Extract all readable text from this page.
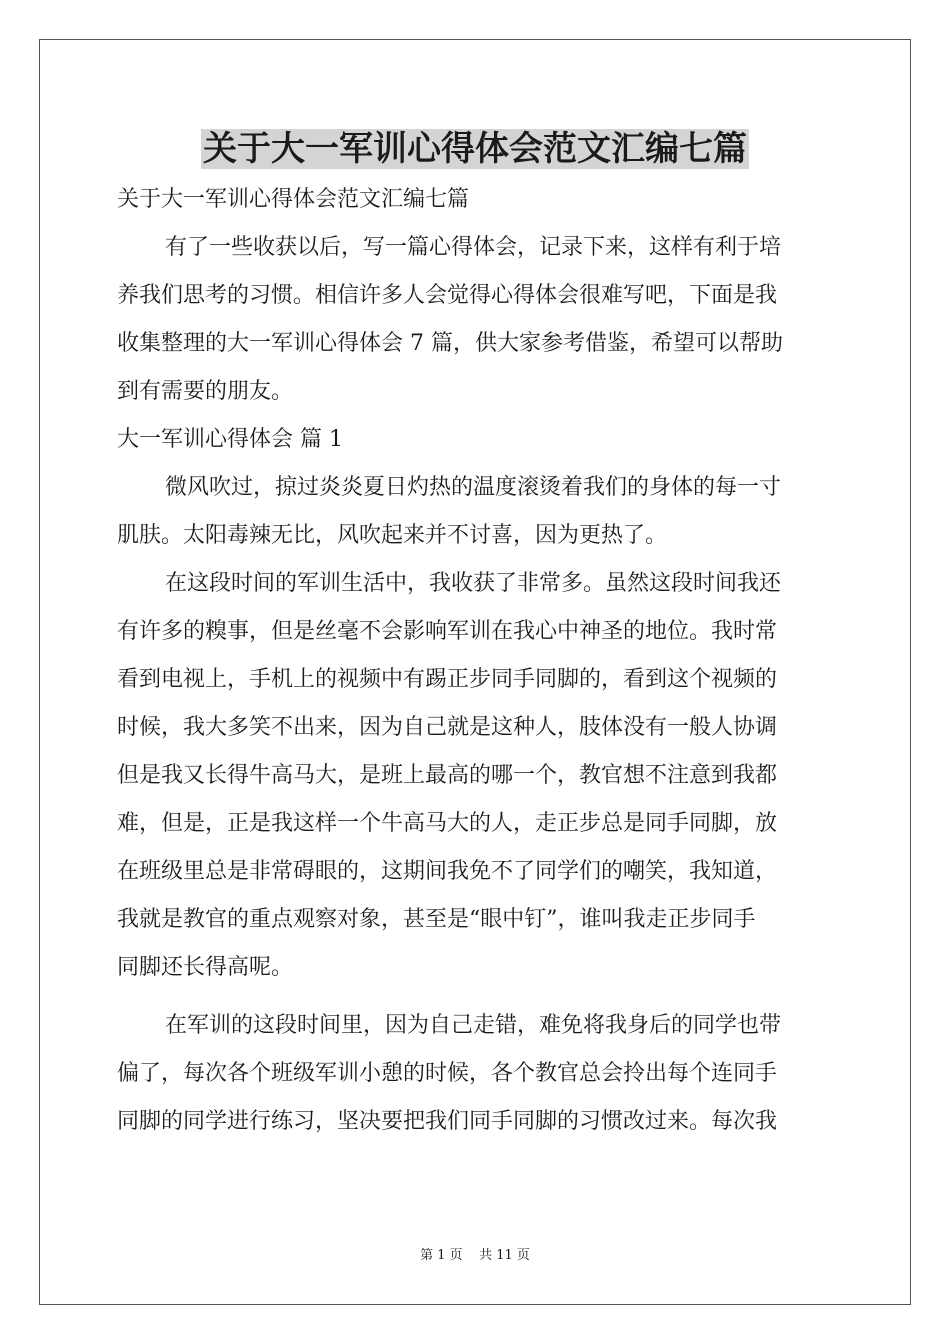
关于大一军训心得体会范文汇编七篇

关于大一军训心得体会范文汇编七篇

有了一些收获以后，写一篇心得体会，记录下来，这样有利于培

养我们思考的习惯。相信许多人会觉得心得体会很难写吧，下面是我

收集整理的大一军训心得体会 7 篇，供大家参考借鉴，希望可以帮助

到有需要的朋友。

大一军训心得体会 篇 1

微风吹过，掠过炎炎夏日灼热的温度滚烫着我们的身体的每一寸

肌肤。太阳毒辣无比，风吹起来并不讨喜，因为更热了。

在这段时间的军训生活中，我收获了非常多。虽然这段时间我还

有许多的糗事，但是丝毫不会影响军训在我心中神圣的地位。我时常

看到电视上，手机上的视频中有踢正步同手同脚的，看到这个视频的

时候，我大多笑不出来，因为自己就是这种人，肢体没有一般人协调

但是我又长得牛高马大，是班上最高的哪一个，教官想不注意到我都

难，但是，正是我这样一个牛高马大的人，走正步总是同手同脚，放

在班级里总是非常碍眼的，这期间我免不了同学们的嘲笑，我知道，

我就是教官的重点观察对象，甚至是“眼中钉”，谁叫我走正步同手

同脚还长得高呢。

在军训的这段时间里，因为自己走错，难免将我身后的同学也带

偏了，每次各个班级军训小憩的时候，各个教官总会拎出每个连同手

同脚的同学进行练习，坚决要把我们同手同脚的习惯改过来。每次我

第 1 页    共 11 页
